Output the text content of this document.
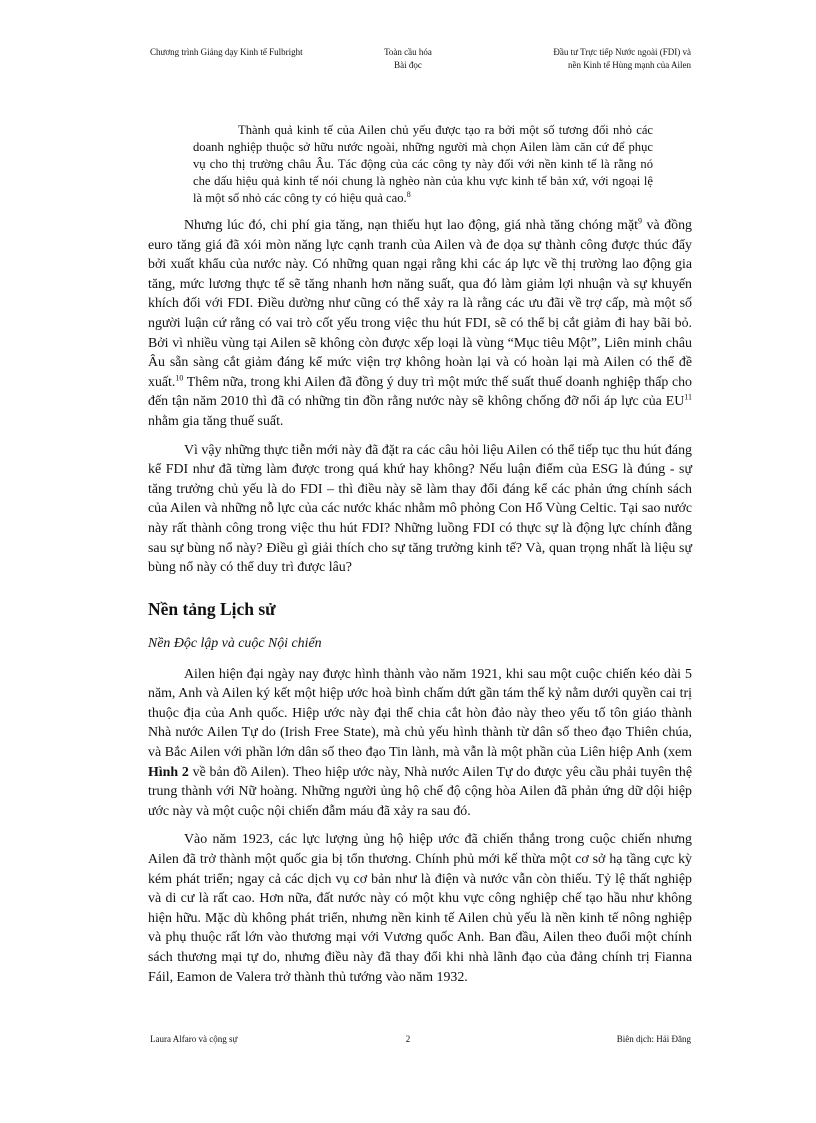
Chương trình Giảng dạy Kinh tế Fulbright	Toàn cầu hóa
Bài đọc
Đầu tư Trực tiếp Nước ngoài (FDI) và
nền Kinh tế Hùng mạnh của Ailen
Thành quả kinh tế của Ailen chủ yếu được tạo ra bởi một số tương đối nhỏ các doanh nghiệp thuộc sở hữu nước ngoài, những người mà chọn Ailen làm căn cứ để phục vụ cho thị trường châu Âu. Tác động của các công ty này đối với nền kinh tế là rằng nó che dấu hiệu quả kinh tế nói chung là nghèo nàn của khu vực kinh tế bản xứ, với ngoại lệ là một số nhỏ các công ty có hiệu quả cao.$^8$

Nhưng lúc đó, chi phí gia tăng, nạn thiếu hụt lao động, giá nhà tăng chóng mặt$^9$ và đồng euro tăng giá đã xói mòn năng lực cạnh tranh của Ailen và đe dọa sự thành công được thúc đẩy bởi xuất khẩu của nước này. Có những quan ngại rằng khi các áp lực về thị trường lao động gia tăng, mức lương thực tế sẽ tăng nhanh hơn năng suất, qua đó làm giảm lợi nhuận và sự khuyến khích đối với FDI. Điều dường như cũng có thể xảy ra là rằng các ưu đãi về trợ cấp, mà một số người luận cứ rằng có vai trò cốt yếu trong việc thu hút FDI, sẽ có thể bị cắt giảm đi hay bãi bỏ. Bởi vì nhiều vùng tại Ailen sẽ không còn được xếp loại là vùng “Mục tiêu Một”, Liên minh châu Âu sẵn sàng cắt giảm đáng kể mức viện trợ không hoàn lại và có hoàn lại mà Ailen có thể đề xuất.$^{10}$ Thêm nữa, trong khi Ailen đã đồng ý duy trì một mức thế suất thuế doanh nghiệp thấp cho đến tận năm 2010 thì đã có những tin đồn rằng nước này sẽ không chống đỡ nổi áp lực của EU$^{11}$ nhằm gia tăng thuế suất.

Vì vậy những thực tiễn mới này đã đặt ra các câu hỏi liệu Ailen có thể tiếp tục thu hút đáng kể FDI như đã từng làm được trong quá khứ hay không? Nếu luận điểm của ESG là đúng - sự tăng trưởng chủ yếu là do FDI – thì điều này sẽ làm thay đổi đáng kể các phản ứng chính sách của Ailen và những nỗ lực của các nước khác nhằm mô phỏng Con Hổ Vùng Celtic. Tại sao nước này rất thành công trong việc thu hút FDI? Những luồng FDI có thực sự là động lực chính đằng sau sự bùng nổ này? Điều gì giải thích cho sự tăng trưởng kinh tế? Và, quan trọng nhất là liệu sự bùng nổ này có thể duy trì được lâu?

Nền tảng Lịch sử
Nền Độc lập và cuộc Nội chiến

Ailen hiện đại ngày nay được hình thành vào năm 1921, khi sau một cuộc chiến kéo dài 5 năm, Anh và Ailen ký kết một hiệp ước hoà bình chấm dứt gần tám thế kỷ nằm dưới quyền cai trị thuộc địa của Anh quốc. Hiệp ước này đại thể chia cắt hòn đảo này theo yếu tố tôn giáo thành Nhà nước Ailen Tự do (Irish Free State), mà chủ yếu hình thành từ dân số theo đạo Thiên chúa, và Bắc Ailen với phần lớn dân số theo đạo Tin lành, mà vẫn là một phần của Liên hiệp Anh (xem Hình 2 về bản đồ Ailen). Theo hiệp ước này, Nhà nước Ailen Tự do được yêu cầu phải tuyên thệ trung thành với Nữ hoàng. Những người ủng hộ chế độ cộng hòa Ailen đã phản ứng dữ dội hiệp ước này và một cuộc nội chiến đẫm máu đã xảy ra sau đó.

Vào năm 1923, các lực lượng ủng hộ hiệp ước đã chiến thắng trong cuộc chiến nhưng Ailen đã trở thành một quốc gia bị tổn thương. Chính phủ mới kế thừa một cơ sở hạ tầng cực kỳ kém phát triển; ngay cả các dịch vụ cơ bản như là điện và nước vẫn còn thiếu. Tỷ lệ thất nghiệp và di cư là rất cao. Hơn nữa, đất nước này có một khu vực công nghiệp chế tạo hầu như không hiện hữu. Mặc dù không phát triển, nhưng nền kinh tế Ailen chủ yếu là nền kinh tế nông nghiệp và phụ thuộc rất lớn vào thương mại với Vương quốc Anh. Ban đầu, Ailen theo đuổi một chính sách thương mại tự do, nhưng điều này đã thay đổi khi nhà lãnh đạo của đảng chính trị Fianna Fáil, Eamon de Valera trở thành thủ tướng vào năm 1932.

Laura Alfaro và cộng sự	2	Biên dịch: Hải Đăng
